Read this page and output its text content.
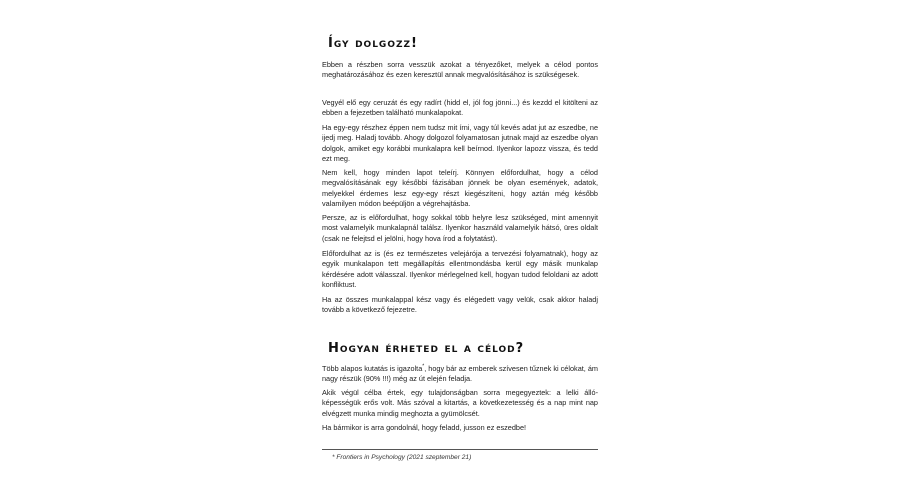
Így dolgozz!

Ebben a részben sorra vesszük azokat a tényezőket, melyek a célod pontos meghatározásához és ezen keresztül annak megvalósításához is szükségesek.

Vegyél elő egy ceruzát és egy radírt (hidd el, jól fog jönni...) és kezdd el kitölteni az ebben a fejezetben található munkalapokat.

Ha egy-egy részhez éppen nem tudsz mit írni, vagy túl kevés adat jut az eszedbe, ne ijedj meg. Haladj tovább. Ahogy dolgozol folyamatosan jutnak majd az eszedbe olyan dolgok, amiket egy korábbi munkalapra kell beírnod. Ilyenkor lapozz vissza, és tedd ezt meg.

Nem kell, hogy minden lapot teleírj. Könnyen előfordulhat, hogy a célod megvalósításának egy későbbi fázisában jönnek be olyan események, adatok, melyekkel érdemes lesz egy-egy részt kiegészíteni, hogy aztán még később valamilyen módon beépüljön a végrehajtásba.

Persze, az is előfordulhat, hogy sokkal több helyre lesz szükséged, mint amennyit most valamelyik munkalapnál találsz. Ilyenkor használd valamelyik hátsó, üres oldalt (csak ne felejtsd el jelölni, hogy hova írod a folytatást).

Előfordulhat az is (és ez természetes velejárója a tervezési folyamatnak), hogy az egyik munkalapon tett megállapítás ellentmondásba kerül egy másik munkalap kérdésére adott válasszal. Ilyenkor mérlegelned kell, hogyan tudod feloldani az adott konfliktust.

Ha az összes munkalappal kész vagy és elégedett vagy velük, csak akkor haladj tovább a következő fejezetre.

Hogyan érheted el a célod?

Több alapos kutatás is igazolta*, hogy bár az emberek szívesen tűznek ki célokat, ám nagy részük (90% !!!) még az út elején feladja.

Akik végül célba értek, egy tulajdonságban sorra megegyeztek: a lelki állóképességük erős volt. Más szóval a kitartás, a következetesség és a nap mint nap elvégzett munka mindig meghozta a gyümölcsét.

Ha bármikor is arra gondolnál, hogy feladd, jusson ez eszedbe!

* Frontiers in Psychology (2021 szeptember 21)
